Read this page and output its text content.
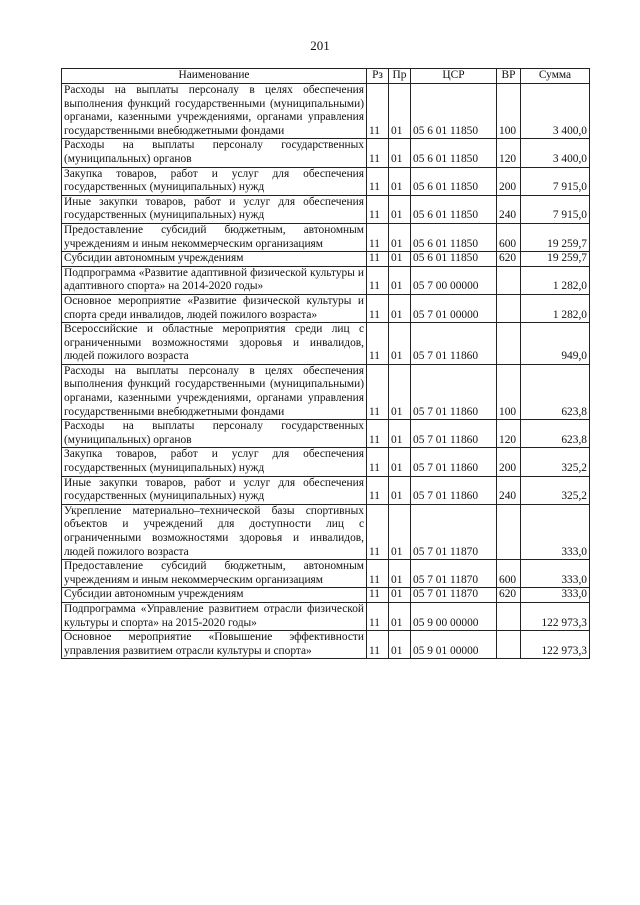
201
Наименование	Рз	Пр	ЦСР	ВР	Сумма
Расходы на выплаты персоналу в целях обеспечения выполнения функций государственными (муниципальными) органами, казенными учреждениями, органами управления государственными внебюджетными фондами	11	01	05 6 01 11850	100	3 400,0
Расходы на выплаты персоналу государственных (муниципальных) органов	11	01	05 6 01 11850	120	3 400,0
Закупка товаров, работ и услуг для обеспечения государственных (муниципальных) нужд	11	01	05 6 01 11850	200	7 915,0
Иные закупки товаров, работ и услуг для обеспечения государственных (муниципальных) нужд	11	01	05 6 01 11850	240	7 915,0
Предоставление субсидий бюджетным, автономным учреждениям и иным некоммерческим организациям	11	01	05 6 01 11850	600	19 259,7
Субсидии автономным учреждениям	11	01	05 6 01 11850	620	19 259,7
Подпрограмма «Развитие адаптивной физической культуры и адаптивного спорта» на 2014-2020 годы»	11	01	05 7 00 00000		1 282,0
Основное мероприятие «Развитие физической культуры и спорта среди инвалидов, людей пожилого возраста»	11	01	05 7 01 00000		1 282,0
Всероссийские и областные мероприятия среди лиц с ограниченными возможностями здоровья и инвалидов, людей пожилого возраста	11	01	05 7 01 11860		949,0
Расходы на выплаты персоналу в целях обеспечения выполнения функций государственными (муниципальными) органами, казенными учреждениями, органами управления государственными внебюджетными фондами	11	01	05 7 01 11860	100	623,8
Расходы на выплаты персоналу государственных (муниципальных) органов	11	01	05 7 01 11860	120	623,8
Закупка товаров, работ и услуг для обеспечения государственных (муниципальных) нужд	11	01	05 7 01 11860	200	325,2
Иные закупки товаров, работ и услуг для обеспечения государственных (муниципальных) нужд	11	01	05 7 01 11860	240	325,2
Укрепление материально–технической базы спортивных объектов и учреждений для доступности лиц с ограниченными возможностями здоровья и инвалидов, людей пожилого возраста	11	01	05 7 01 11870		333,0
Предоставление субсидий бюджетным, автономным учреждениям и иным некоммерческим организациям	11	01	05 7 01 11870	600	333,0
Субсидии автономным учреждениям	11	01	05 7 01 11870	620	333,0
Подпрограмма «Управление развитием отрасли физической культуры и спорта» на 2015-2020 годы»	11	01	05 9 00 00000		122 973,3
Основное мероприятие «Повышение эффективности управления развитием отрасли культуры и спорта»	11	01	05 9 01 00000		122 973,3
